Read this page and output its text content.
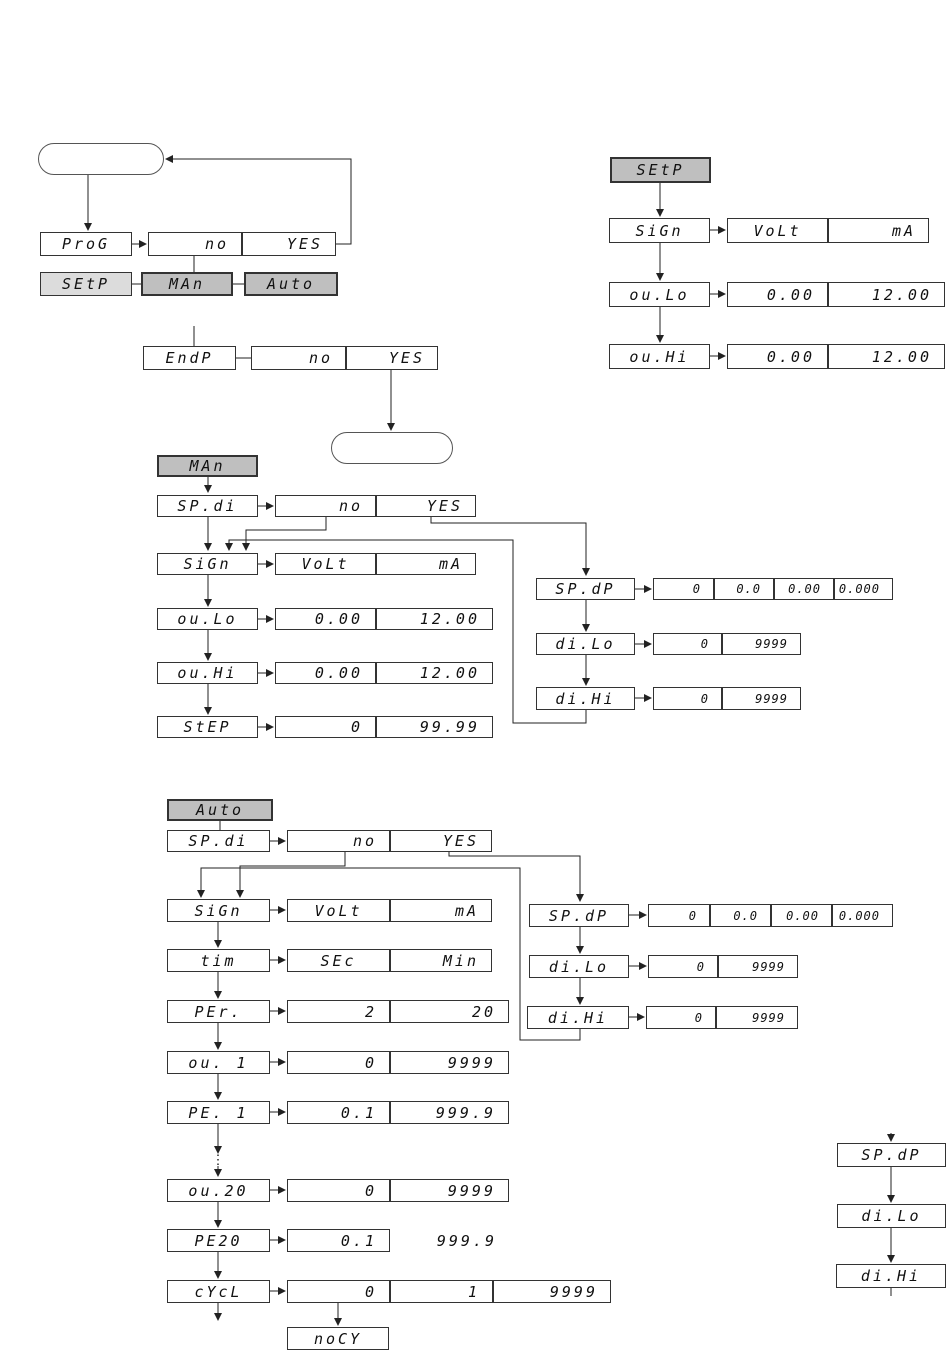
ProG	no	YES
SEtP	MAn	Auto
EndP	no	YES
SEtP
SiGn	VoLt	mA
ou.Lo	0.00	12.00
ou.Hi	0.00	12.00
MAn
SP.di	no	YES
SiGn	VoLt	mA
ou.Lo	0.00	12.00
ou.Hi	0.00	12.00
StEP	0	99.99
SP.dP	0	0.0	0.00	0.000
di.Lo	0	9999
di.Hi	0	9999
Auto
SP.di	no	YES
SiGn	VoLt	mA
tim	SEc	Min
PEr.	2	20
ou. 1	0	9999
PE. 1	0.1	999.9
⋮
ou.20	0	9999
PE20	0.1	999.9
cYcL	0	1	9999
noCY
SP.dP	0	0.0	0.00	0.000
di.Lo	0	9999
di.Hi	0	9999
SP.dP
di.Lo
di.Hi
